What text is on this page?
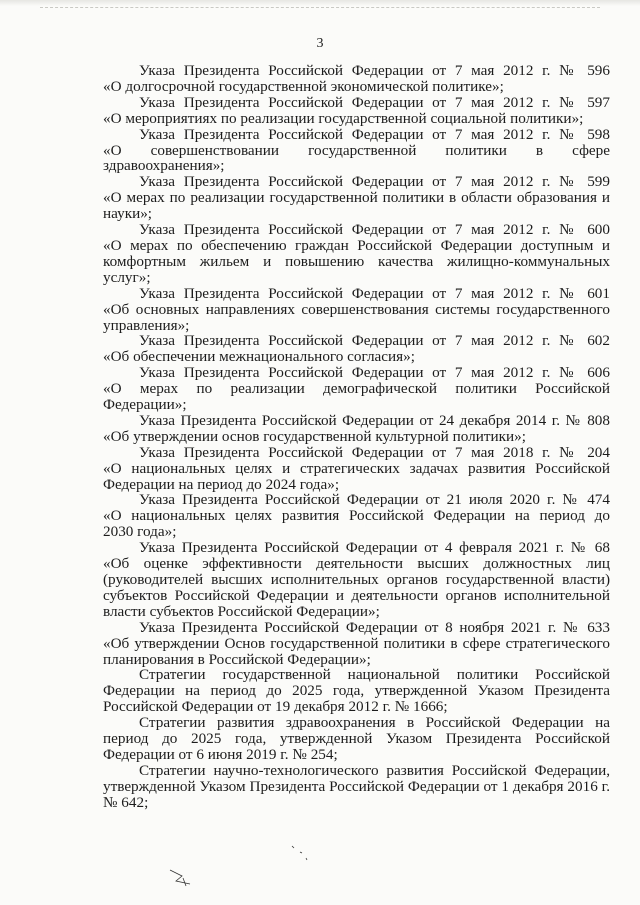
3
Указа Президента Российской Федерации от 7 мая 2012 г. № 596
«О долгосрочной государственной экономической политике»;
Указа Президента Российской Федерации от 7 мая 2012 г. № 597
«О мероприятиях по реализации государственной социальной политики»;
Указа Президента Российской Федерации от 7 мая 2012 г. № 598
«О совершенствовании государственной политики в сфере
здравоохранения»;
Указа Президента Российской Федерации от 7 мая 2012 г. № 599
«О мерах по реализации государственной политики в области образования и
науки»;
Указа Президента Российской Федерации от 7 мая 2012 г. № 600
«О мерах по обеспечению граждан Российской Федерации доступным и
комфортным жильем и повышению качества жилищно-коммунальных
услуг»;
Указа Президента Российской Федерации от 7 мая 2012 г. № 601
«Об основных направлениях совершенствования системы государственного
управления»;
Указа Президента Российской Федерации от 7 мая 2012 г. № 602
«Об обеспечении межнационального согласия»;
Указа Президента Российской Федерации от 7 мая 2012 г. № 606
«О мерах по реализации демографической политики Российской
Федерации»;
Указа Президента Российской Федерации от 24 декабря 2014 г. № 808
«Об утверждении основ государственной культурной политики»;
Указа Президента Российской Федерации от 7 мая 2018 г. № 204
«О национальных целях и стратегических задачах развития Российской
Федерации на период до 2024 года»;
Указа Президента Российской Федерации от 21 июля 2020 г. № 474
«О национальных целях развития Российской Федерации на период до
2030 года»;
Указа Президента Российской Федерации от 4 февраля 2021 г. № 68
«Об оценке эффективности деятельности высших должностных лиц
(руководителей высших исполнительных органов государственной власти)
субъектов Российской Федерации и деятельности органов исполнительной
власти субъектов Российской Федерации»;
Указа Президента Российской Федерации от 8 ноября 2021 г. № 633
«Об утверждении Основ государственной политики в сфере стратегического
планирования в Российской Федерации»;
Стратегии государственной национальной политики Российской
Федерации на период до 2025 года, утвержденной Указом Президента
Российской Федерации от 19 декабря 2012 г. № 1666;
Стратегии развития здравоохранения в Российской Федерации на
период до 2025 года, утвержденной Указом Президента Российской
Федерации от 6 июня 2019 г. № 254;
Стратегии научно-технологического развития Российской Федерации,
утвержденной Указом Президента Российской Федерации от 1 декабря 2016 г.
№ 642;
